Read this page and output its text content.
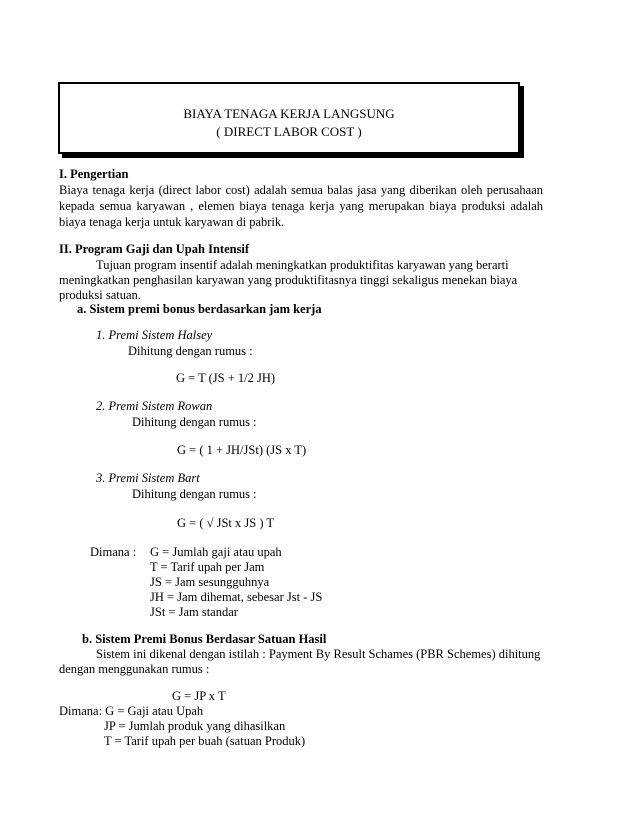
BIAYA TENAGA KERJA LANGSUNG
( DIRECT LABOR COST )
I. Pengertian
Biaya tenaga kerja (direct labor cost) adalah semua balas jasa yang diberikan oleh perusahaan
kepada semua karyawan , elemen biaya tenaga kerja yang merupakan biaya produksi adalah
biaya tenaga kerja untuk karyawan di pabrik.
II. Program Gaji dan Upah Intensif
Tujuan program insentif adalah meningkatkan produktifitas karyawan yang berarti
meningkatkan penghasilan karyawan yang produktifitasnya tinggi sekaligus menekan biaya
produksi satuan.
a. Sistem premi bonus berdasarkan jam kerja
1. Premi Sistem Halsey
Dihitung dengan rumus :
G = T (JS + 1/2 JH)
2. Premi Sistem Rowan
Dihitung dengan rumus :
G = ( 1 + JH/JSt) (JS x T)
3. Premi Sistem Bart
Dihitung dengan rumus :
G = ( √ JSt x JS ) T
Dimana : G = Jumlah gaji atau upah
T = Tarif upah per Jam
JS = Jam sesungguhnya
JH = Jam dihemat, sebesar Jst - JS
JSt = Jam standar
b. Sistem Premi Bonus Berdasar Satuan Hasil
Sistem ini dikenal dengan istilah : Payment By Result Schames (PBR Schemes) dihitung
dengan menggunakan rumus :
G = JP x T
Dimana: G = Gaji atau Upah
JP = Jumlah produk yang dihasilkan
T = Tarif upah per buah (satuan Produk)
